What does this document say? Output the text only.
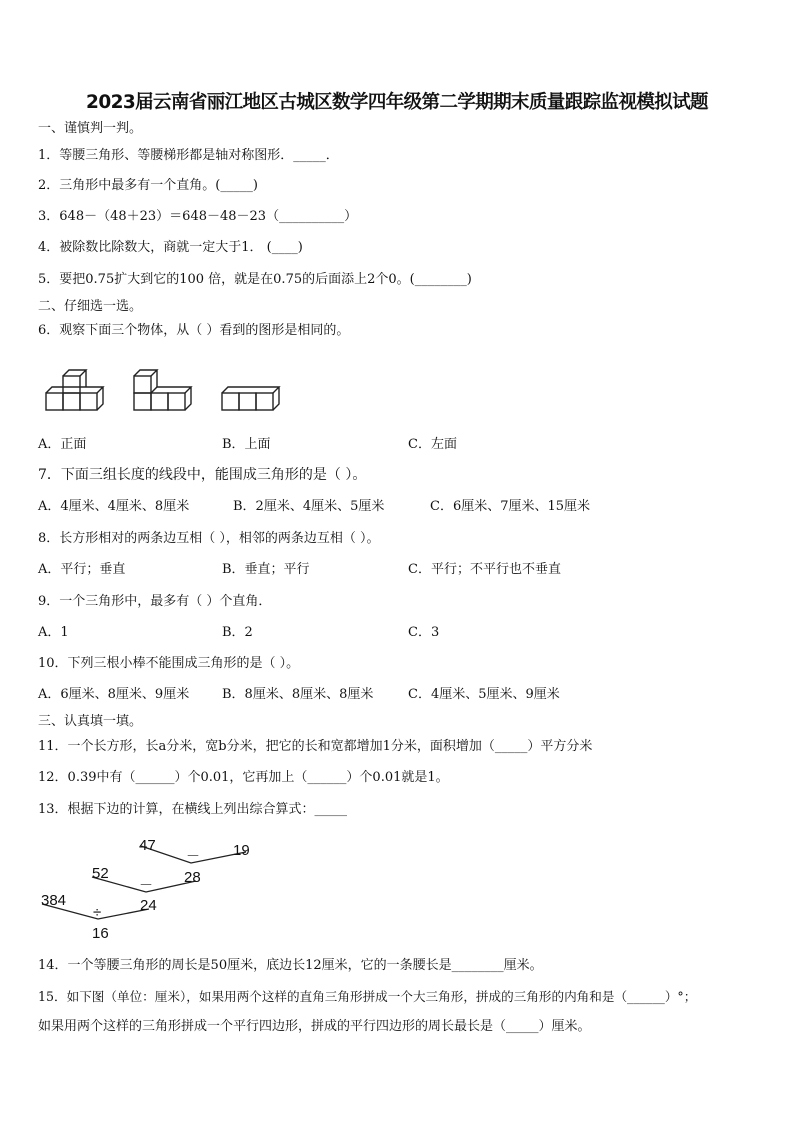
2023届云南省丽江地区古城区数学四年级第二学期期末质量跟踪监视模拟试题
一、谨慎判一判。
1．等腰三角形、等腰梯形都是轴对称图形．_____．
2．三角形中最多有一个直角。(_____)
3．648－（48＋23）＝648－48－23（__________）
4．被除数比除数大，商就一定大于1． (____)
5．要把0.75扩大到它的100 倍，就是在0.75的后面添上2个0。(________)
二、仔细选一选。
6．观察下面三个物体，从（ ）看到的图形是相同的。
A．正面	B．上面	C．左面
7．下面三组长度的线段中，能围成三角形的是（ ）。
A．4厘米、4厘米、8厘米	B．2厘米、4厘米、5厘米	C．6厘米、7厘米、15厘米
8．长方形相对的两条边互相（ ），相邻的两条边互相（ ）。
A．平行；垂直	B．垂直；平行	C．平行；不平行也不垂直
9．一个三角形中，最多有（ ）个直角．
A．1	B．2	C．3
10．下列三根小棒不能围成三角形的是（ ）。
A．6厘米、8厘米、9厘米	B．8厘米、8厘米、8厘米	C．4厘米、5厘米、9厘米
三、认真填一填。
11．一个长方形，长a分米，宽b分米，把它的长和宽都增加1分米，面积增加（_____）平方分米
12．0.39中有（______）个0.01，它再加上（______）个0.01就是1。
13．根据下边的计算，在横线上列出综合算式：_____
47	19
－
28
52
－
24
384
÷
16
14．一个等腰三角形的周长是50厘米，底边长12厘米，它的一条腰长是________厘米。
15．如下图（单位：厘米），如果用两个这样的直角三角形拼成一个大三角形，拼成的三角形的内角和是（______）°；
如果用两个这样的三角形拼成一个平行四边形，拼成的平行四边形的周长最长是（_____）厘米。
